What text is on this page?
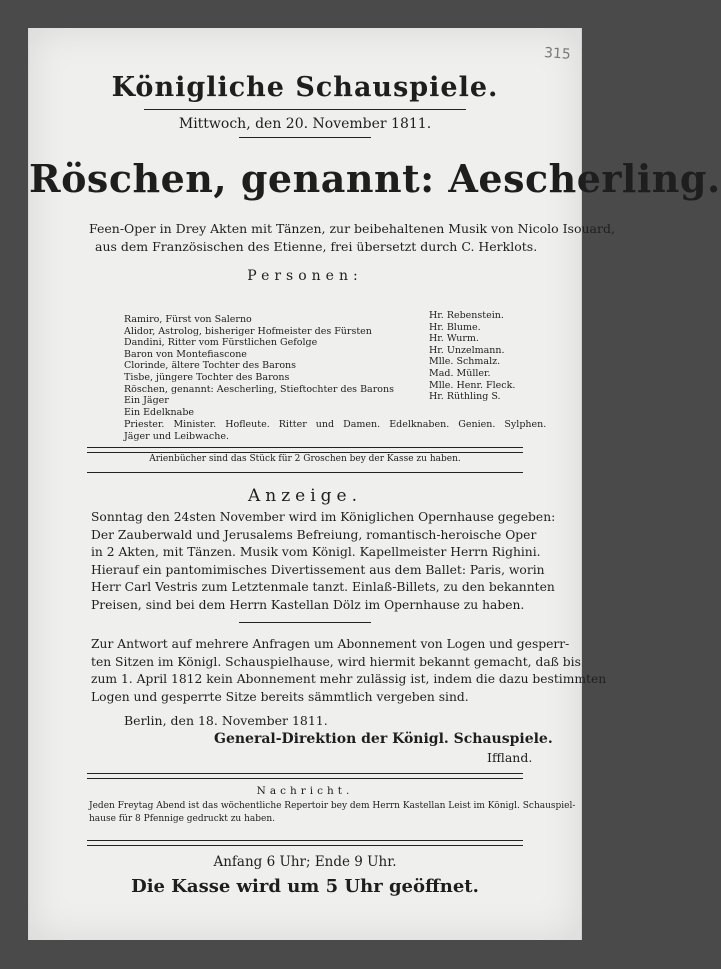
315
Königliche Schauspiele.
Mittwoch, den 20. November 1811.
Röschen, genannt: Aescherling.
Feen-Oper in Drey Akten mit Tänzen, zur beibehaltenen Musik von Nicolo Isouard,
aus dem Französischen des Etienne, frei übersetzt durch C. Herklots.
Personen:
Ramiro, Fürst von Salerno
Alidor, Astrolog, bisheriger Hofmeister des Fürsten
Dandini, Ritter vom Fürstlichen Gefolge
Baron von Montefiascone
Clorinde, ältere Tochter des Barons
Tisbe, jüngere Tochter des Barons
Röschen, genannt: Aescherling, Stieftochter des Barons
Ein Jäger
Ein Edelknabe
Hr. Rebenstein.
Hr. Blume.
Hr. Wurm.
Hr. Unzelmann.
Mlle. Schmalz.
Mad. Müller.
Mlle. Henr. Fleck.
Hr. Rüthling S.
Priester. Minister. Hofleute. Ritter und Damen. Edelknaben. Genien. Sylphen.
Jäger und Leibwache.
Arienbücher sind das Stück für 2 Groschen bey der Kasse zu haben.
Anzeige.
Sonntag den 24sten November wird im Königlichen Opernhause gegeben:
Der Zauberwald und Jerusalems Befreiung, romantisch-heroische Oper
in 2 Akten, mit Tänzen. Musik vom Königl. Kapellmeister Herrn Righini.
Hierauf ein pantomimisches Divertissement aus dem Ballet: Paris, worin
Herr Carl Vestris zum Letztenmale tanzt. Einlaß-Billets, zu den bekannten
Preisen, sind bei dem Herrn Kastellan Dölz im Opernhause zu haben.
Zur Antwort auf mehrere Anfragen um Abonnement von Logen und gesperr-
ten Sitzen im Königl. Schauspielhause, wird hiermit bekannt gemacht, daß bis
zum 1. April 1812 kein Abonnement mehr zulässig ist, indem die dazu bestimmten
Logen und gesperrte Sitze bereits sämmtlich vergeben sind.
Berlin, den 18. November 1811.
General-Direktion der Königl. Schauspiele.
Iffland.
Nachricht.
Jeden Freytag Abend ist das wöchentliche Repertoir bey dem Herrn Kastellan Leist im Königl. Schauspiel-
hause für 8 Pfennige gedruckt zu haben.
Anfang 6 Uhr; Ende 9 Uhr.
Die Kasse wird um 5 Uhr geöffnet.
